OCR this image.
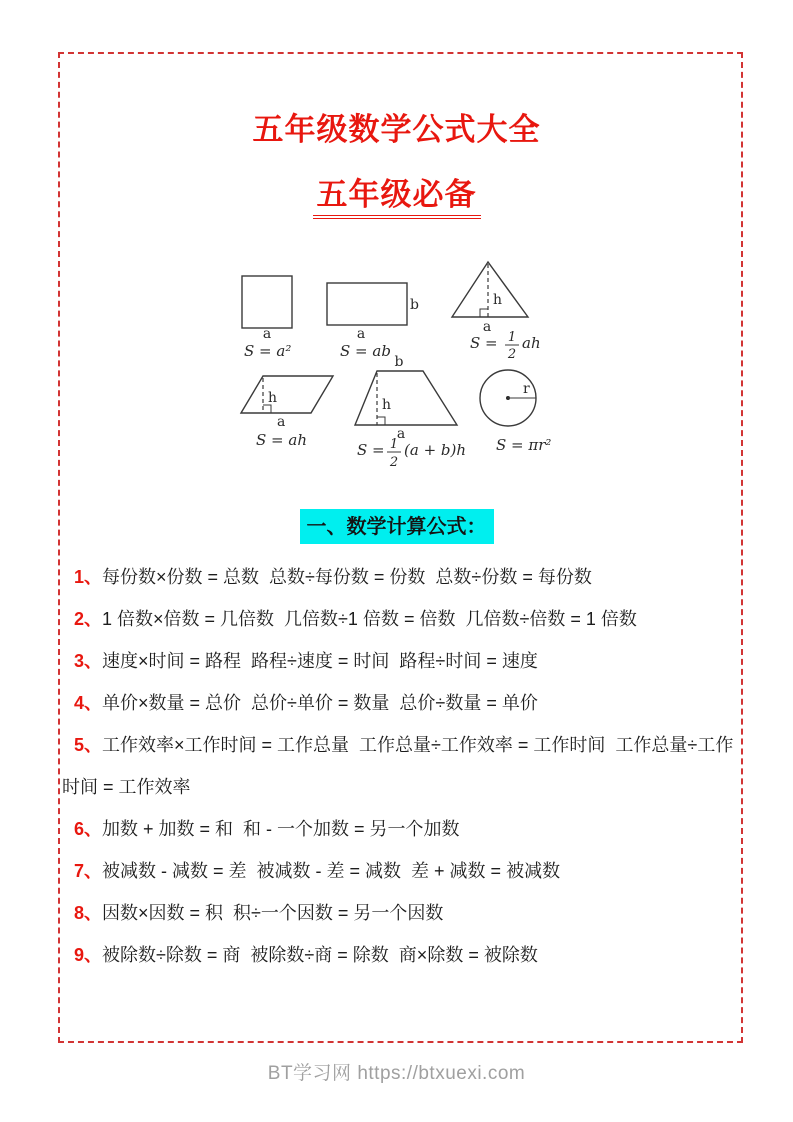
五年级数学公式大全
五年级必备
a
S = a²
b
a
S = ab
h
a
S = 1
2
ah
h
a
S = ah
b
h
a
S = 1
2
(a + b)h
r
S = πr²
一、数学计算公式：

1、每份数×份数 = 总数  总数÷每份数 = 份数  总数÷份数 = 每份数

2、1 倍数×倍数 = 几倍数  几倍数÷1 倍数 = 倍数  几倍数÷倍数 = 1 倍数

3、速度×时间 = 路程  路程÷速度 = 时间  路程÷时间 = 速度

4、单价×数量 = 总价  总价÷单价 = 数量  总价÷数量 = 单价

5、工作效率×工作时间 = 工作总量  工作总量÷工作效率 = 工作时间  工作总量÷工作时间 = 工作效率

6、加数 + 加数 = 和  和 - 一个加数 = 另一个加数

7、被减数 - 减数 = 差  被减数 - 差 = 减数  差 + 减数 = 被减数

8、因数×因数 = 积  积÷一个因数 = 另一个因数

9、被除数÷除数 = 商  被除数÷商 = 除数  商×除数 = 被除数

BT学习网 https://btxuexi.com
